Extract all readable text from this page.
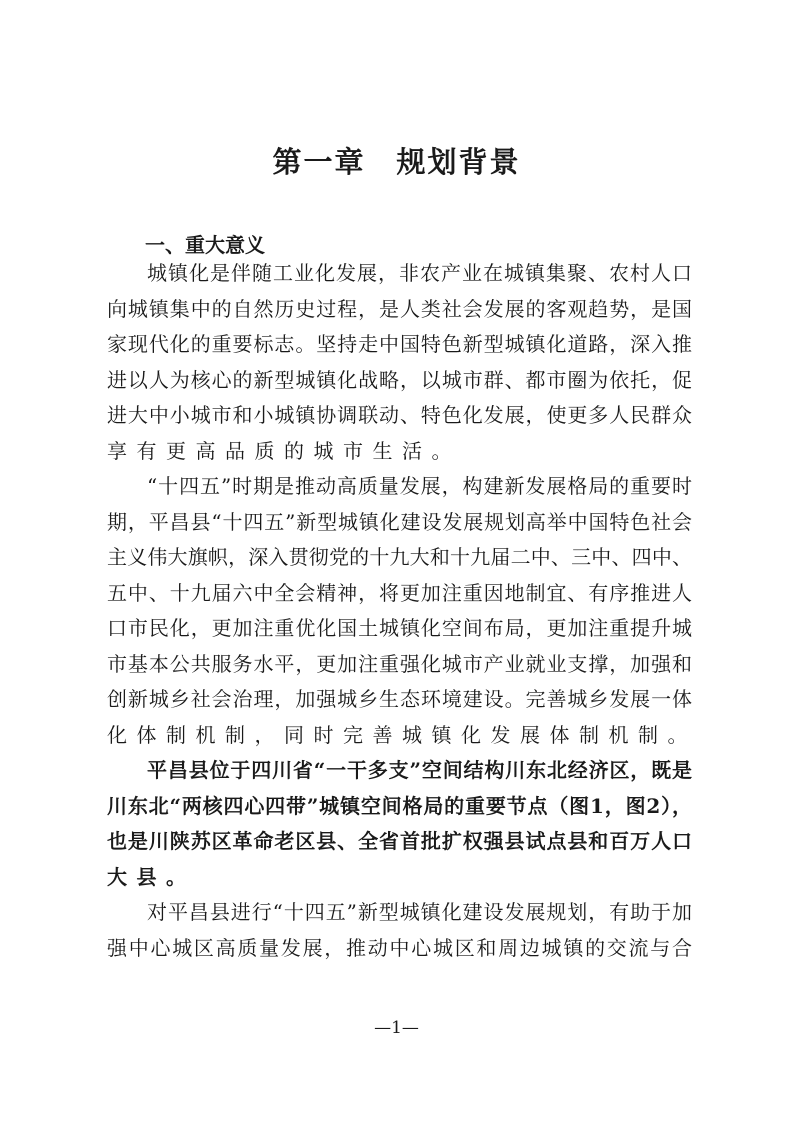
第一章　规划背景
一、重大意义
城镇化是伴随工业化发展，非农产业在城镇集聚、农村人口
向城镇集中的自然历史过程，是人类社会发展的客观趋势，是国
家现代化的重要标志。坚持走中国特色新型城镇化道路，深入推
进以人为核心的新型城镇化战略，以城市群、都市圈为依托，促
进大中小城市和小城镇协调联动、特色化发展，使更多人民群众
享有更高品质的城市生活。
“十四五”时期是推动高质量发展，构建新发展格局的重要时
期，平昌县“十四五”新型城镇化建设发展规划高举中国特色社会
主义伟大旗帜，深入贯彻党的十九大和十九届二中、三中、四中、
五中、十九届六中全会精神，将更加注重因地制宜、有序推进人
口市民化，更加注重优化国土城镇化空间布局，更加注重提升城
市基本公共服务水平，更加注重强化城市产业就业支撑，加强和
创新城乡社会治理，加强城乡生态环境建设。完善城乡发展一体
化体制机制，同时完善城镇化发展体制机制。
平昌县位于四川省“一干多支”空间结构川东北经济区，既是
川东北“两核四心四带”城镇空间格局的重要节点（图1，图2），
也是川陕苏区革命老区县、全省首批扩权强县试点县和百万人口
大县。
对平昌县进行“十四五”新型城镇化建设发展规划，有助于加
强中心城区高质量发展，推动中心城区和周边城镇的交流与合
—1—
